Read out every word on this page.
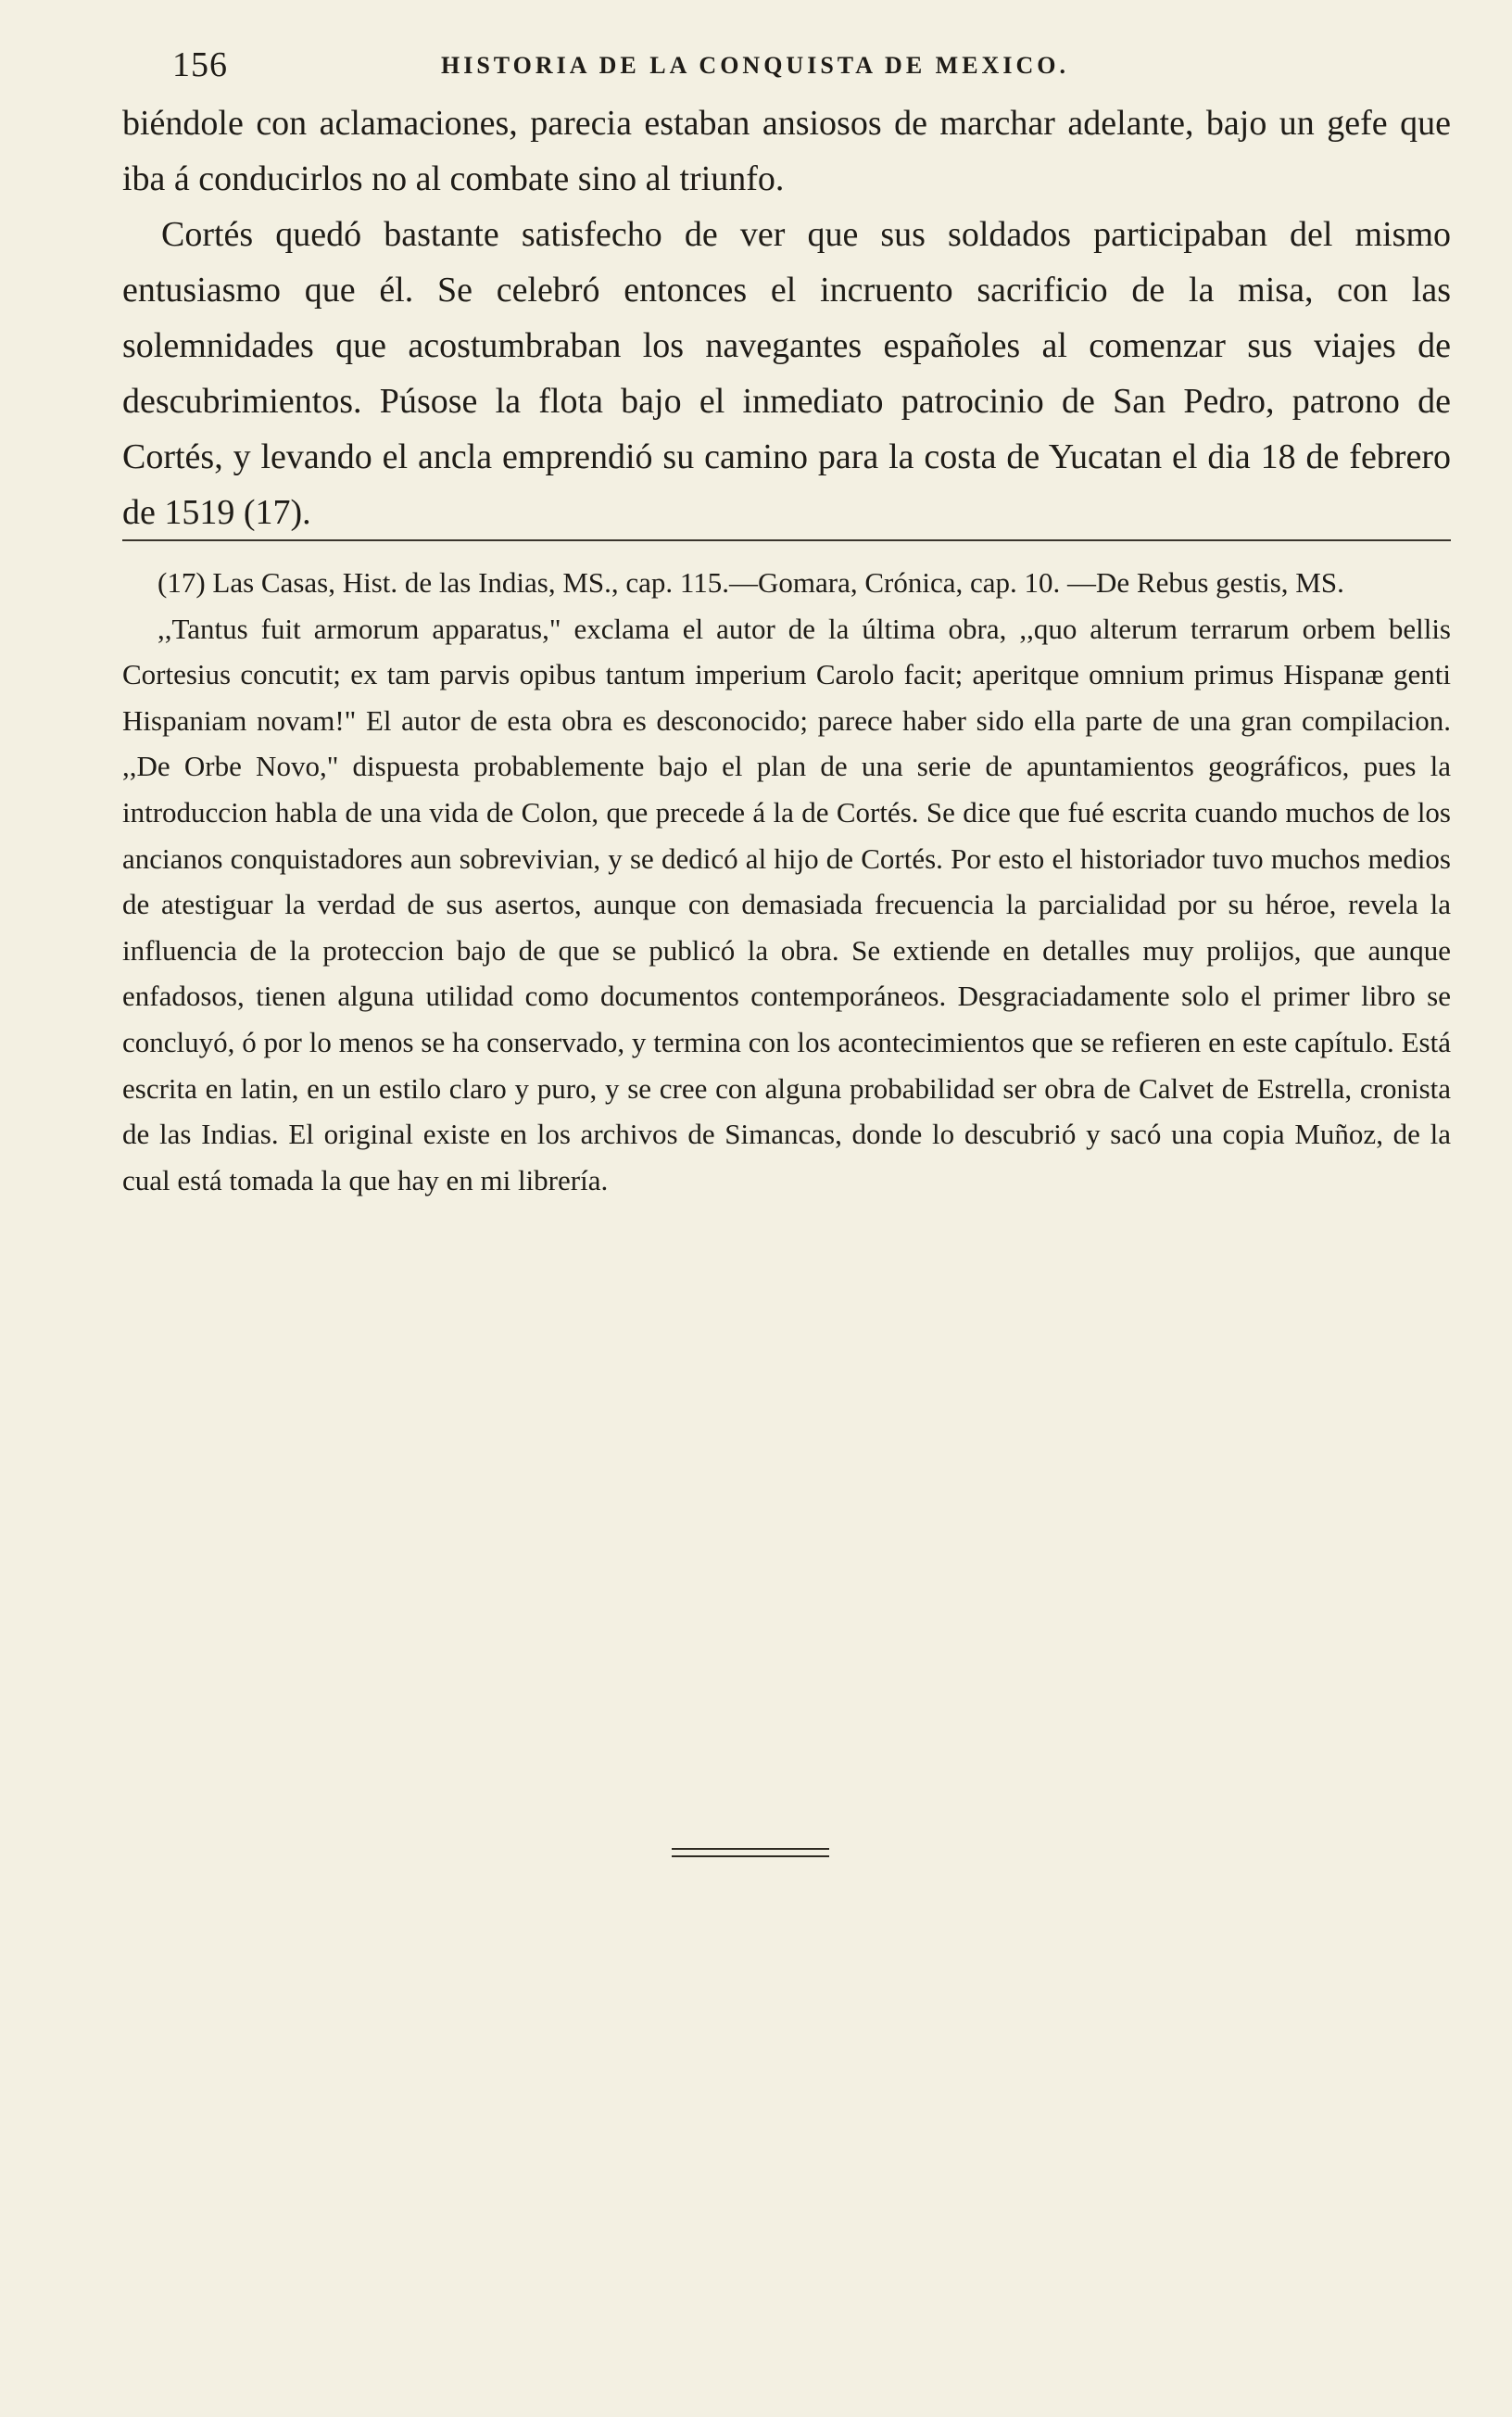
156	HISTORIA DE LA CONQUISTA DE MEXICO.

biéndole con aclamaciones, parecia estaban ansiosos de marchar adelante, bajo un gefe que iba á conducirlos no al combate sino al triunfo.

Cortés quedó bastante satisfecho de ver que sus soldados participaban del mismo entusiasmo que él. Se celebró entonces el incruento sacrificio de la misa, con las solemnidades que acostumbraban los navegantes españoles al comenzar sus viajes de descubrimientos. Púsose la flota bajo el inmediato patrocinio de San Pedro, patrono de Cortés, y levando el ancla emprendió su camino para la costa de Yucatan el dia 18 de febrero de 1519 (17).

(17) Las Casas, Hist. de las Indias, MS., cap. 115.—Gomara, Crónica, cap. 10. —De Rebus gestis, MS.

,,Tantus fuit armorum apparatus," exclama el autor de la última obra, ,,quo alterum terrarum orbem bellis Cortesius concutit; ex tam parvis opibus tantum imperium Carolo facit; aperitque omnium primus Hispanæ genti Hispaniam novam!" El autor de esta obra es desconocido; parece haber sido ella parte de una gran compilacion. ,,De Orbe Novo," dispuesta probablemente bajo el plan de una serie de apuntamientos geográficos, pues la introduccion habla de una vida de Colon, que precede á la de Cortés. Se dice que fué escrita cuando muchos de los ancianos conquistadores aun sobrevivian, y se dedicó al hijo de Cortés. Por esto el historiador tuvo muchos medios de atestiguar la verdad de sus asertos, aunque con demasiada frecuencia la parcialidad por su héroe, revela la influencia de la proteccion bajo de que se publicó la obra. Se extiende en detalles muy prolijos, que aunque enfadosos, tienen alguna utilidad como documentos contemporáneos. Desgraciadamente solo el primer libro se concluyó, ó por lo menos se ha conservado, y termina con los acontecimientos que se refieren en este capítulo. Está escrita en latin, en un estilo claro y puro, y se cree con alguna probabilidad ser obra de Calvet de Estrella, cronista de las Indias. El original existe en los archivos de Simancas, donde lo descubrió y sacó una copia Muñoz, de la cual está tomada la que hay en mi librería.
